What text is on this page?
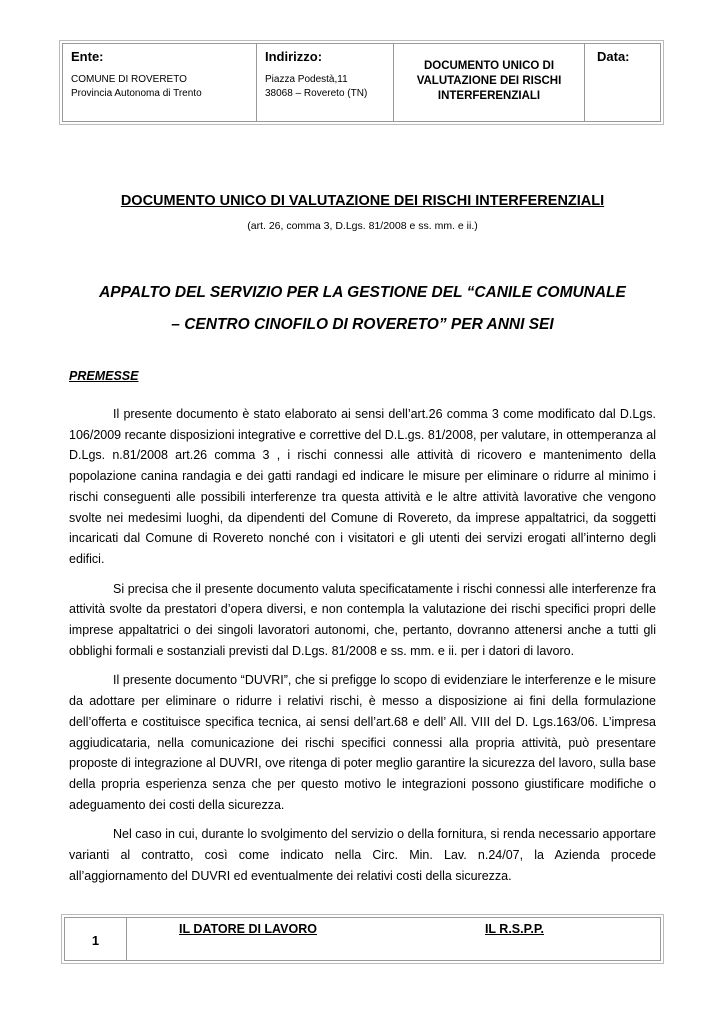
Ente:
COMUNE DI ROVERETO
Provincia Autonoma di Trento
Indirizzo:
Piazza Podestà,11
38068 – Rovereto (TN)
DOCUMENTO UNICO DI
VALUTAZIONE DEI RISCHI
INTERFERENZIALI
Data:
DOCUMENTO UNICO DI VALUTAZIONE DEI RISCHI INTERFERENZIALI
(art. 26, comma 3, D.Lgs. 81/2008 e ss. mm. e ii.)
APPALTO DEL SERVIZIO PER LA GESTIONE DEL “CANILE COMUNALE
– CENTRO CINOFILO DI ROVERETO” PER ANNI SEI
PREMESSE

Il presente documento è stato elaborato ai sensi dell’art.26 comma 3 come modificato dal D.Lgs. 106/2009 recante disposizioni integrative e correttive del D.L.gs. 81/2008, per valutare, in ottemperanza al D.Lgs. n.81/2008 art.26 comma 3 , i rischi connessi alle attività di ricovero e mantenimento della popolazione canina randagia e dei gatti randagi ed indicare le misure per eliminare o ridurre al minimo i rischi conseguenti alle possibili interferenze tra questa attività e le altre attività lavorative che vengono svolte nei medesimi luoghi, da dipendenti del Comune di Rovereto, da imprese appaltatrici, da soggetti incaricati dal Comune di Rovereto nonché con i visitatori e gli utenti dei servizi erogati all’interno degli edifici.

Si precisa che il presente documento valuta specificatamente i rischi connessi alle interferenze fra attività svolte da prestatori d’opera diversi, e non contempla la valutazione dei rischi specifici propri delle imprese appaltatrici o dei singoli lavoratori autonomi, che, pertanto, dovranno attenersi anche a tutti gli obblighi formali e sostanziali previsti dal D.Lgs. 81/2008 e ss. mm. e ii. per i datori di lavoro.

Il presente documento “DUVRI”, che si prefigge lo scopo di evidenziare le interferenze e le misure da adottare per eliminare o ridurre i relativi rischi, è messo a disposizione ai fini della formulazione dell’offerta e costituisce specifica tecnica, ai sensi dell’art.68 e dell’ All. VIII del D. Lgs.163/06. L’impresa aggiudicataria, nella comunicazione dei rischi specifici connessi alla propria attività, può presentare proposte di integrazione al DUVRI, ove ritenga di poter meglio garantire la sicurezza del lavoro, sulla base della propria esperienza senza che per questo motivo le integrazioni possono giustificare modifiche o adeguamento dei costi della sicurezza.

Nel caso in cui, durante lo svolgimento del servizio o della fornitura, si renda necessario apportare varianti al contratto, così come indicato nella Circ. Min. Lav. n.24/07, la Azienda procede all’aggiornamento del DUVRI ed eventualmente dei relativi costi della sicurezza.

1
IL DATORE DI LAVORO	IL R.S.P.P.
